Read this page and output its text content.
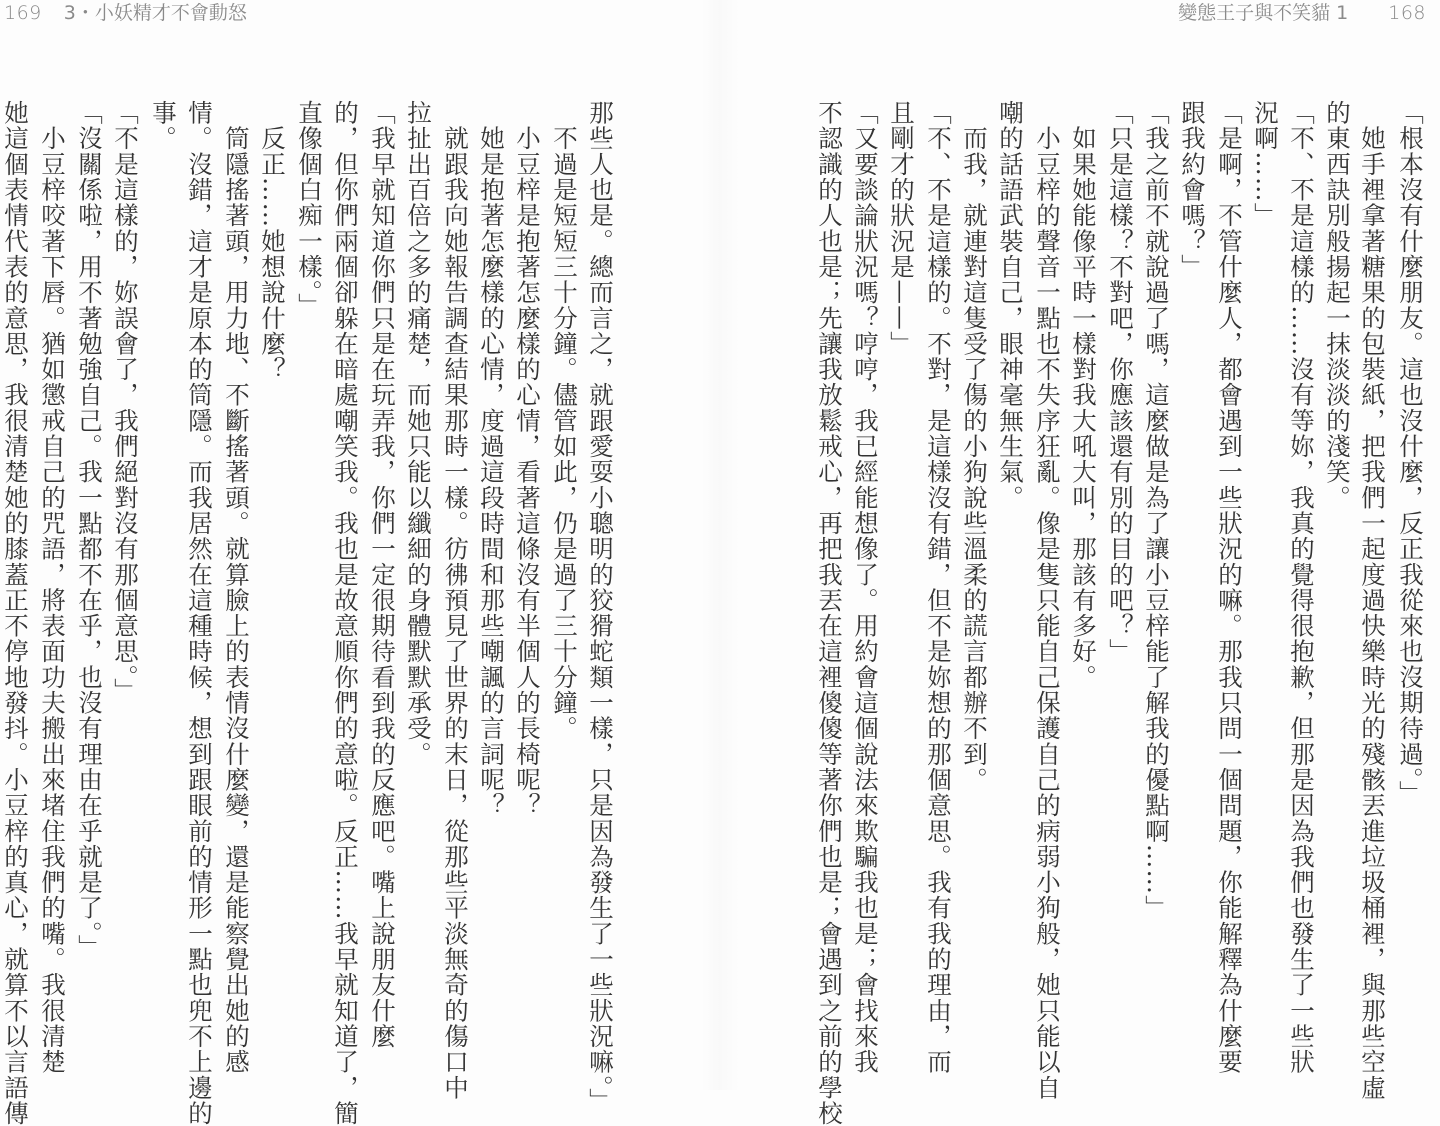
169 3・小妖精才不會動怒	變態王子與不笑貓 1 168
「根本沒有什麼朋友。這也沒什麼，反正我從來也沒期待過。」
　她手裡拿著糖果的包裝紙，把我們一起度過快樂時光的殘骸丟進垃圾桶裡，與那些空虛
的東西訣別般揚起一抹淡淡的淺笑。
「不、不是這樣的……沒有等妳，我真的覺得很抱歉，但那是因為我們也發生了一些狀
況啊……」
「是啊，不管什麼人，都會遇到一些狀況的嘛。那我只問一個問題，你能解釋為什麼要
跟我約會嗎？」
「我之前不就說過了嗎，這麼做是為了讓小豆梓能了解我的優點啊……」
「只是這樣？不對吧，你應該還有別的目的吧？」
　如果她能像平時一樣對我大吼大叫，那該有多好。
　小豆梓的聲音一點也不失序狂亂。像是隻只能自己保護自己的病弱小狗般，她只能以自
嘲的話語武裝自己，眼神毫無生氣。
　而我，就連對這隻受了傷的小狗說些溫柔的謊言都辦不到。
「不、不是這樣的。不對，是這樣沒有錯，但不是妳想的那個意思。我有我的理由，而
且剛才的狀況是——」
「又要談論狀況嗎？哼哼，我已經能想像了。用約會這個說法來欺騙我也是；會找來我
不認識的人也是；先讓我放鬆戒心，再把我丟在這裡傻傻等著你們也是；會遇到之前的學校
那些人也是。總而言之，就跟愛耍小聰明的狡猾蛇類一樣，只是因為發生了一些狀況嘛。」
　不過是短短三十分鐘。儘管如此，仍是過了三十分鐘。
　小豆梓是抱著怎麼樣的心情，看著這條沒有半個人的長椅呢？
　她是抱著怎麼樣的心情，度過這段時間和那些嘲諷的言詞呢？
　就跟我向她報告調查結果那時一樣。彷彿預見了世界的末日，從那些平淡無奇的傷口中
拉扯出百倍之多的痛楚，而她只能以纖細的身體默默承受。
「我早就知道你們只是在玩弄我，你們一定很期待看到我的反應吧。嘴上說朋友什麼
的，但你們兩個卻躲在暗處嘲笑我。我也是故意順你們的意啦。反正……我早就知道了，簡
直像個白痴一樣。」
　反正……她想說什麼？
　筒隱搖著頭，用力地、不斷搖著頭。就算臉上的表情沒什麼變，還是能察覺出她的感
情。沒錯，這才是原本的筒隱。而我居然在這種時候，想到跟眼前的情形一點也兜不上邊的
事。
「不是這樣的，妳誤會了，我們絕對沒有那個意思。」
「沒關係啦，用不著勉強自己。我一點都不在乎，也沒有理由在乎就是了。」
　小豆梓咬著下唇。猶如懲戒自己的咒語，將表面功夫搬出來堵住我們的嘴。我很清楚
她這個表情代表的意思，我很清楚她的膝蓋正不停地發抖。小豆梓的真心，就算不以言語傳
